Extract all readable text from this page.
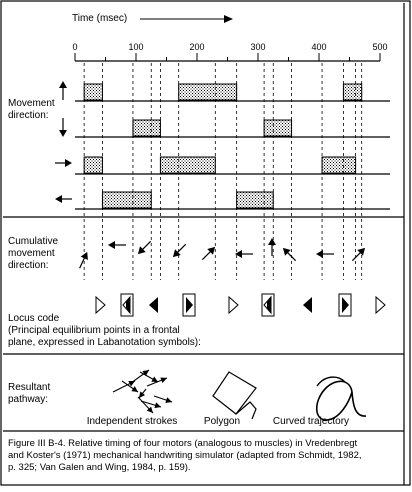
Time (msec)
0	100	200	300	400	500
Movement
direction:
Cumulative
movement
direction:
Locus code
(Principal equilibrium points in a frontal
plane, expressed in Labanotation symbols):
Resultant
pathway:
Independent strokes	Polygon	Curved trajectory
Figure III B-4. Relative timing of four motors (analogous to muscles) in Vredenbregt
and Koster's (1971) mechanical handwriting simulator (adapted from Schmidt, 1982,
p. 325; Van Galen and Wing, 1984, p. 159).
